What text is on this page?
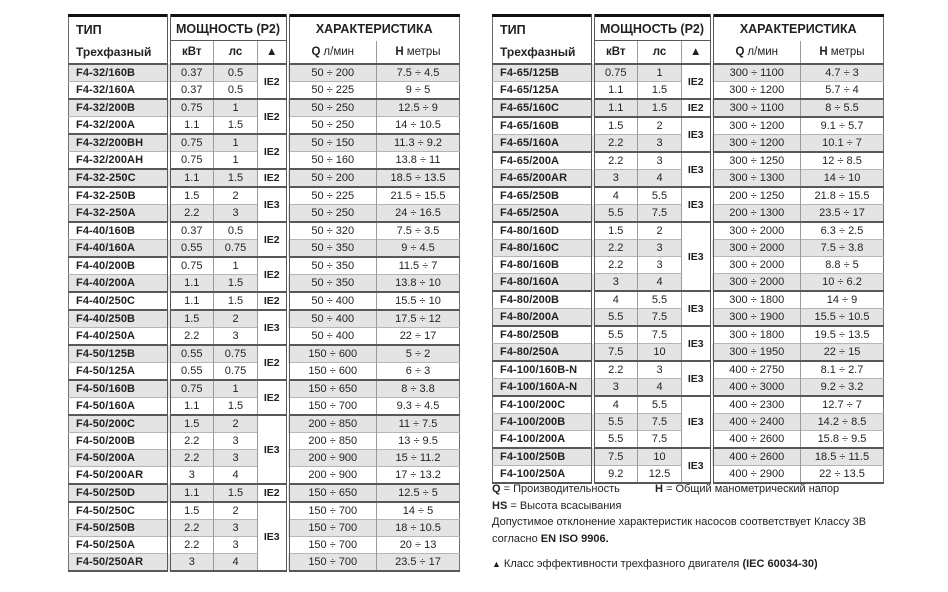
ТИП
Трехфазный	МОЩНОСТЬ (P2)			ХАРАКТЕРИСТИКА	
	кВт	лс	▲	Q л/мин	H метры
F4-32/160B	0.37	0.5	IE2	50 ÷ 200	7.5 ÷ 4.5
F4-32/160A	0.37	0.5		50 ÷ 225	9 ÷ 5
F4-32/200B	0.75	1	IE2	50 ÷ 250	12.5 ÷ 9
F4-32/200A	1.1	1.5		50 ÷ 250	14 ÷ 10.5
F4-32/200BH	0.75	1	IE2	50 ÷ 150	11.3 ÷ 9.2
F4-32/200AH	0.75	1		50 ÷ 160	13.8 ÷ 11
F4-32-250C	1.1	1.5	IE2	50 ÷ 200	18.5 ÷ 13.5
F4-32-250B	1.5	2	IE3	50 ÷ 225	21.5 ÷ 15.5
F4-32-250A	2.2	3		50 ÷ 250	24 ÷ 16.5
F4-40/160B	0.37	0.5	IE2	50 ÷ 320	7.5 ÷ 3.5
F4-40/160A	0.55	0.75		50 ÷ 350	9 ÷ 4.5
F4-40/200B	0.75	1	IE2	50 ÷ 350	11.5 ÷ 7
F4-40/200A	1.1	1.5		50 ÷ 350	13.8 ÷ 10
F4-40/250C	1.1	1.5	IE2	50 ÷ 400	15.5 ÷ 10
F4-40/250B	1.5	2	IE3	50 ÷ 400	17.5 ÷ 12
F4-40/250A	2.2	3		50 ÷ 400	22 ÷ 17
F4-50/125B	0.55	0.75	IE2	150 ÷ 600	5 ÷ 2
F4-50/125A	0.55	0.75		150 ÷ 600	6 ÷ 3
F4-50/160B	0.75	1	IE2	150 ÷ 650	8 ÷ 3.8
F4-50/160A	1.1	1.5		150 ÷ 700	9.3 ÷ 4.5
F4-50/200C	1.5	2	IE3	200 ÷ 850	11 ÷ 7.5
F4-50/200B	2.2	3		200 ÷ 850	13 ÷ 9.5
F4-50/200A	2.2	3		200 ÷ 900	15 ÷ 11.2
F4-50/200AR	3	4		200 ÷ 900	17 ÷ 13.2
F4-50/250D	1.1	1.5	IE2	150 ÷ 650	12.5 ÷ 5
F4-50/250C	1.5	2	IE3	150 ÷ 700	14 ÷ 5
F4-50/250B	2.2	3		150 ÷ 700	18 ÷ 10.5
F4-50/250A	2.2	3		150 ÷ 700	20 ÷ 13
F4-50/250AR	3	4		150 ÷ 700	23.5 ÷ 17
ТИП
Трехфазный	МОЩНОСТЬ (P2)			ХАРАКТЕРИСТИКА	
	кВт	лс	▲	Q л/мин	H метры
F4-65/125B	0.75	1	IE2	300 ÷ 1100	4.7 ÷ 3
F4-65/125A	1.1	1.5		300 ÷ 1200	5.7 ÷ 4
F4-65/160C	1.1	1.5	IE2	300 ÷ 1100	8 ÷ 5.5
F4-65/160B	1.5	2	IE3	300 ÷ 1200	9.1 ÷ 5.7
F4-65/160A	2.2	3		300 ÷ 1200	10.1 ÷ 7
F4-65/200A	2.2	3	IE3	300 ÷ 1250	12 ÷ 8.5
F4-65/200AR	3	4		300 ÷ 1300	14 ÷ 10
F4-65/250B	4	5.5	IE3	200 ÷ 1250	21.8 ÷ 15.5
F4-65/250A	5.5	7.5		200 ÷ 1300	23.5 ÷ 17
F4-80/160D	1.5	2	IE3	300 ÷ 2000	6.3 ÷ 2.5
F4-80/160C	2.2	3		300 ÷ 2000	7.5 ÷ 3.8
F4-80/160B	2.2	3		300 ÷ 2000	8.8 ÷ 5
F4-80/160A	3	4		300 ÷ 2000	10 ÷ 6.2
F4-80/200B	4	5.5	IE3	300 ÷ 1800	14 ÷ 9
F4-80/200A	5.5	7.5		300 ÷ 1900	15.5 ÷ 10.5
F4-80/250B	5.5	7.5	IE3	300 ÷ 1800	19.5 ÷ 13.5
F4-80/250A	7.5	10		300 ÷ 1950	22 ÷ 15
F4-100/160B-N	2.2	3	IE3	400 ÷ 2750	8.1 ÷ 2.7
F4-100/160A-N	3	4		400 ÷ 3000	9.2 ÷ 3.2
F4-100/200C	4	5.5	IE3	400 ÷ 2300	12.7 ÷ 7
F4-100/200B	5.5	7.5		400 ÷ 2400	14.2 ÷ 8.5
F4-100/200A	5.5	7.5		400 ÷ 2600	15.8 ÷ 9.5
F4-100/250B	7.5	10	IE3	400 ÷ 2600	18.5 ÷ 11.5
F4-100/250A	9.2	12.5		400 ÷ 2900	22 ÷ 13.5
Q = Производительность	H = Общий манометрический напор
HS = Высота всасывания
Допустимое отклонение характеристик насосов соответствует Классу 3В
согласно EN ISO 9906.
▲ Класс эффективности трехфазного двигателя (IEC 60034-30)
